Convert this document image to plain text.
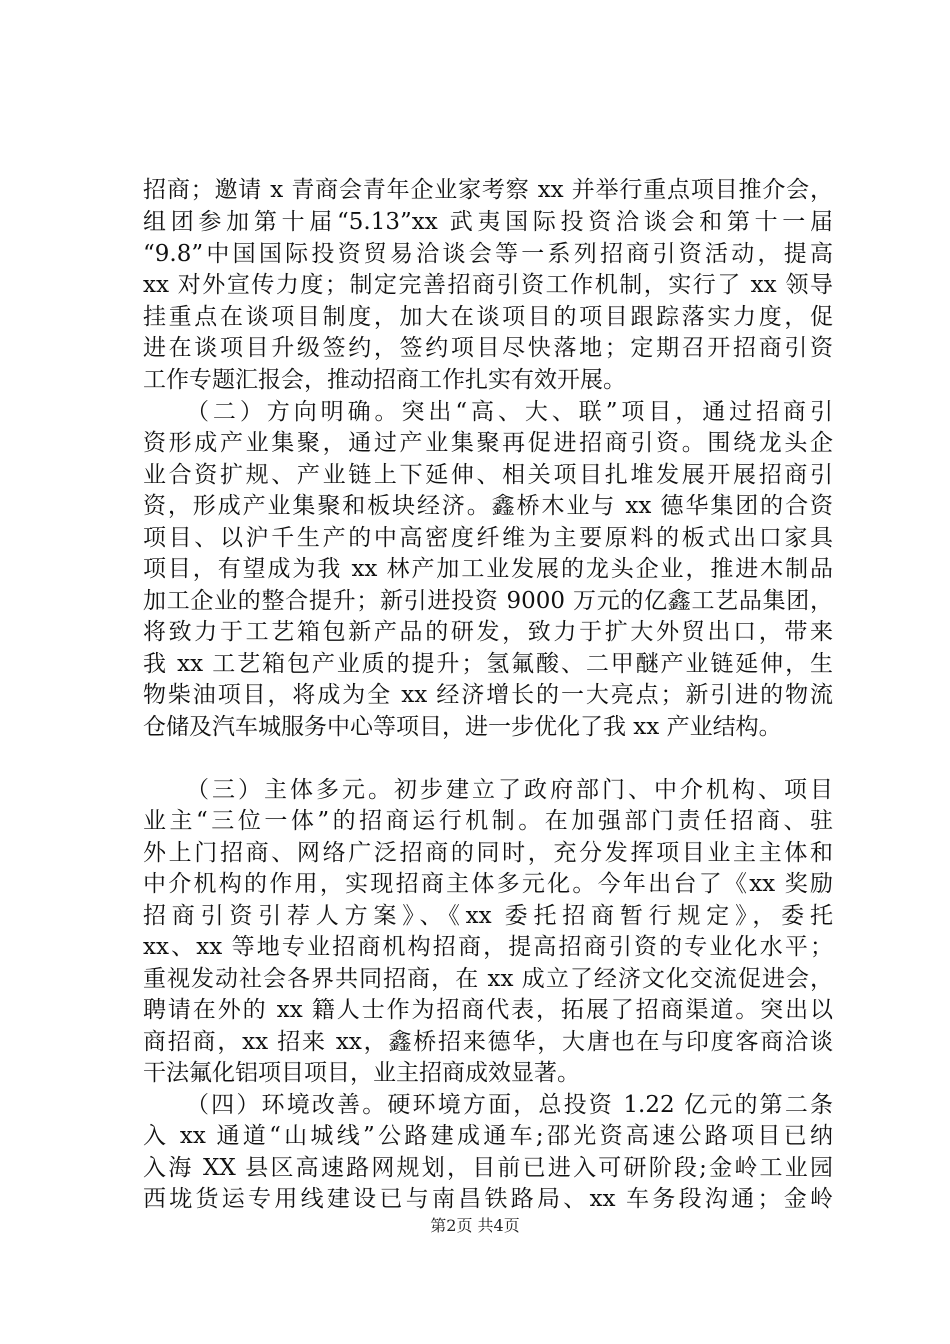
招商；邀请 x 青商会青年企业家考察 xx 并举行重点项目推介会，
组团参加第十届“5.13”xx 武夷国际投资洽谈会和第十一届
“9.8”中国国际投资贸易洽谈会等一系列招商引资活动，提高
xx 对外宣传力度；制定完善招商引资工作机制，实行了 xx 领导
挂重点在谈项目制度，加大在谈项目的项目跟踪落实力度，促
进在谈项目升级签约，签约项目尽快落地；定期召开招商引资
工作专题汇报会，推动招商工作扎实有效开展。
（二）方向明确。突出“高、大、联”项目，通过招商引
资形成产业集聚，通过产业集聚再促进招商引资。围绕龙头企
业合资扩规、产业链上下延伸、相关项目扎堆发展开展招商引
资，形成产业集聚和板块经济。鑫桥木业与 xx 德华集团的合资
项目、以沪千生产的中高密度纤维为主要原料的板式出口家具
项目，有望成为我 xx 林产加工业发展的龙头企业，推进木制品
加工企业的整合提升；新引进投资 9000 万元的亿鑫工艺品集团，
将致力于工艺箱包新产品的研发，致力于扩大外贸出口，带来
我 xx 工艺箱包产业质的提升；氢氟酸、二甲醚产业链延伸，生
物柴油项目，将成为全 xx 经济增长的一大亮点；新引进的物流
仓储及汽车城服务中心等项目，进一步优化了我 xx 产业结构。
（三）主体多元。初步建立了政府部门、中介机构、项目
业主“三位一体”的招商运行机制。在加强部门责任招商、驻
外上门招商、网络广泛招商的同时，充分发挥项目业主主体和
中介机构的作用，实现招商主体多元化。今年出台了《xx 奖励
招商引资引荐人方案》、《xx 委托招商暂行规定》，委托
xx、xx 等地专业招商机构招商，提高招商引资的专业化水平；
重视发动社会各界共同招商，在 xx 成立了经济文化交流促进会，
聘请在外的 xx 籍人士作为招商代表，拓展了招商渠道。突出以
商招商，xx 招来 xx，鑫桥招来德华，大唐也在与印度客商洽谈
干法氟化铝项目项目，业主招商成效显著。
（四）环境改善。硬环境方面，总投资 1.22 亿元的第二条
入 xx 通道“山城线”公路建成通车;邵光资高速公路项目已纳
入海 XX 县区高速路网规划，目前已进入可研阶段;金岭工业园
西垅货运专用线建设已与南昌铁路局、xx 车务段沟通；金岭
第2页 共4页
